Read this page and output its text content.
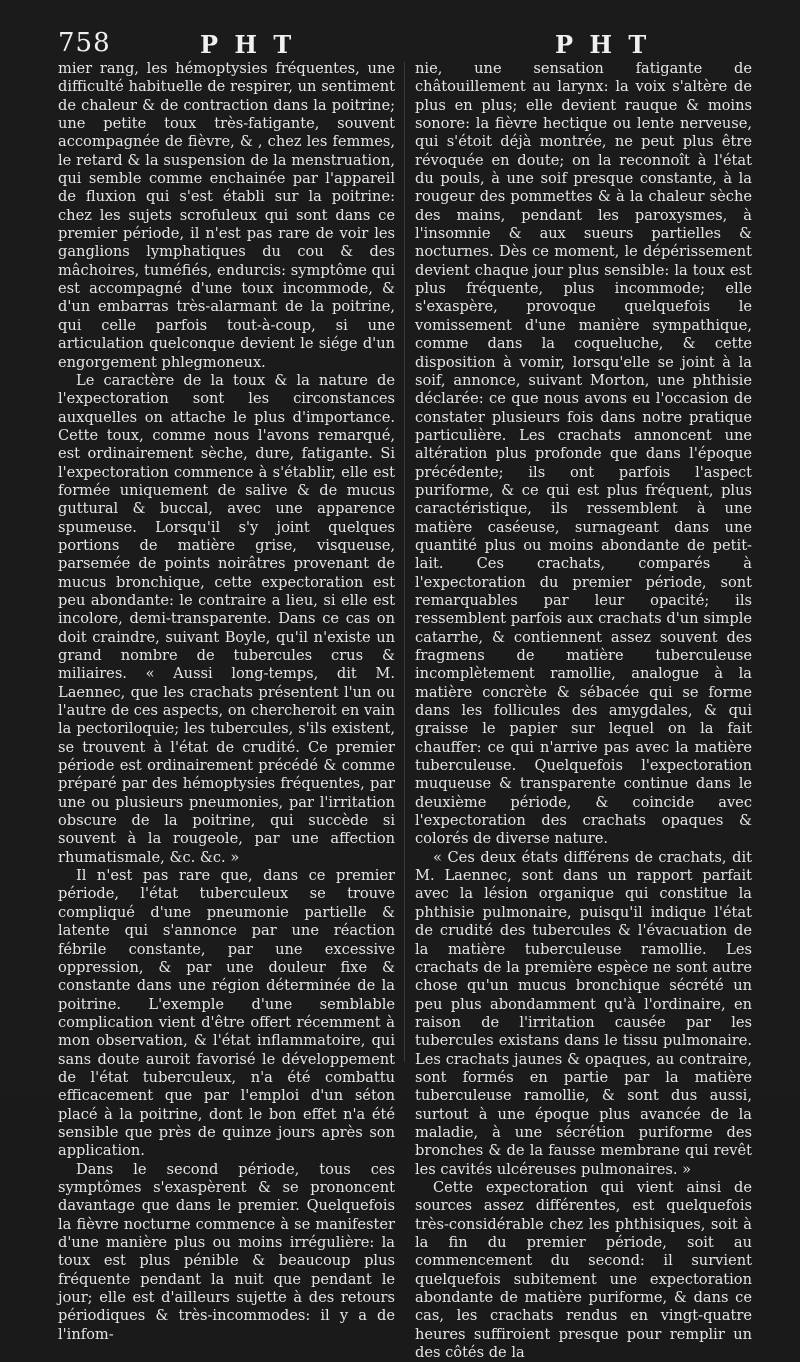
758	P H T	P H T

mier rang, les hémoptysies fréquentes, une difficulté habituelle de respirer, un sentiment de chaleur & de contraction dans la poitrine; une petite toux très-fatigante, souvent accompagnée de fièvre, & , chez les femmes, le retard & la suspension de la menstruation, qui semble comme enchainée par l'appareil de fluxion qui s'est établi sur la poitrine: chez les sujets scrofuleux qui sont dans ce premier période, il n'est pas rare de voir les ganglions lymphatiques du cou & des mâchoires, tuméfiés, endurcis: symptôme qui est accompagné d'une toux incommode, & d'un embarras très-alarmant de la poitrine, qui celle parfois tout-à-coup, si une articulation quelconque devient le siége d'un engorgement phlegmoneux.

Le caractère de la toux & la nature de l'expectoration sont les circonstances auxquelles on attache le plus d'importance. Cette toux, comme nous l'avons remarqué, est ordinairement sèche, dure, fatigante. Si l'expectoration commence à s'établir, elle est formée uniquement de salive & de mucus guttural & buccal, avec une apparence spumeuse. Lorsqu'il s'y joint quelques portions de matière grise, visqueuse, parsemée de points noirâtres provenant de mucus bronchique, cette expectoration est peu abondante: le contraire a lieu, si elle est incolore, demi-transparente. Dans ce cas on doit craindre, suivant Boyle, qu'il n'existe un grand nombre de tubercules crus & miliaires. « Aussi long-temps, dit M. Laennec, que les crachats présentent l'un ou l'autre de ces aspects, on chercheroit en vain la pectoriloquie; les tubercules, s'ils existent, se trouvent à l'état de crudité. Ce premier période est ordinairement précédé & comme préparé par des hémoptysies fréquentes, par une ou plusieurs pneumonies, par l'irritation obscure de la poitrine, qui succède si souvent à la rougeole, par une affection rhumatismale, &c. &c. »

Il n'est pas rare que, dans ce premier période, l'état tuberculeux se trouve compliqué d'une pneumonie partielle & latente qui s'annonce par une réaction fébrile constante, par une excessive oppression, & par une douleur fixe & constante dans une région déterminée de la poitrine. L'exemple d'une semblable complication vient d'être offert récemment à mon observation, & l'état inflammatoire, qui sans doute auroit favorisé le développement de l'état tuberculeux, n'a été combattu efficacement que par l'emploi d'un séton placé à la poitrine, dont le bon effet n'a été sensible que près de quinze jours après son application.

Dans le second période, tous ces symptômes s'exaspèrent & se prononcent davantage que dans le premier. Quelquefois la fièvre nocturne commence à se manifester d'une manière plus ou moins irrégulière: la toux est plus pénible & beaucoup plus fréquente pendant la nuit que pendant le jour; elle est d'ailleurs sujette à des retours périodiques & très-incommodes: il y a de l'infom-

nie, une sensation fatigante de châtouillement au larynx: la voix s'altère de plus en plus; elle devient rauque & moins sonore: la fièvre hectique ou lente nerveuse, qui s'étoit déjà montrée, ne peut plus être révoquée en doute; on la reconnoît à l'état du pouls, à une soif presque constante, à la rougeur des pommettes & à la chaleur sèche des mains, pendant les paroxysmes, à l'insomnie & aux sueurs partielles & nocturnes. Dès ce moment, le dépérissement devient chaque jour plus sensible: la toux est plus fréquente, plus incommode; elle s'exaspère, provoque quelquefois le vomissement d'une manière sympathique, comme dans la coqueluche, & cette disposition à vomir, lorsqu'elle se joint à la soif, annonce, suivant Morton, une phthisie déclarée: ce que nous avons eu l'occasion de constater plusieurs fois dans notre pratique particulière. Les crachats annoncent une altération plus profonde que dans l'époque précédente; ils ont parfois l'aspect puriforme, & ce qui est plus fréquent, plus caractéristique, ils ressemblent à une matière caséeuse, surnageant dans une quantité plus ou moins abondante de petit-lait. Ces crachats, comparés à l'expectoration du premier période, sont remarquables par leur opacité; ils ressemblent parfois aux crachats d'un simple catarrhe, & contiennent assez souvent des fragmens de matière tuberculeuse incomplètement ramollie, analogue à la matière concrète & sébacée qui se forme dans les follicules des amygdales, & qui graisse le papier sur lequel on la fait chauffer: ce qui n'arrive pas avec la matière tuberculeuse. Quelquefois l'expectoration muqueuse & transparente continue dans le deuxième période, & coincide avec l'expectoration des crachats opaques & colorés de diverse nature.

« Ces deux états différens de crachats, dit M. Laennec, sont dans un rapport parfait avec la lésion organique qui constitue la phthisie pulmonaire, puisqu'il indique l'état de crudité des tubercules & l'évacuation de la matière tuberculeuse ramollie. Les crachats de la première espèce ne sont autre chose qu'un mucus bronchique sécrété un peu plus abondamment qu'à l'ordinaire, en raison de l'irritation causée par les tubercules existans dans le tissu pulmonaire. Les crachats jaunes & opaques, au contraire, sont formés en partie par la matière tuberculeuse ramollie, & sont dus aussi, surtout à une époque plus avancée de la maladie, à une sécrétion puriforme des bronches & de la fausse membrane qui revêt les cavités ulcéreuses pulmonaires. »

Cette expectoration qui vient ainsi de sources assez différentes, est quelquefois très-considérable chez les phthisiques, soit à la fin du premier période, soit au commencement du second: il survient quelquefois subitement une expectoration abondante de matière puriforme, & dans ce cas, les crachats rendus en vingt-quatre heures suffiroient presque pour remplir un des côtés de la
